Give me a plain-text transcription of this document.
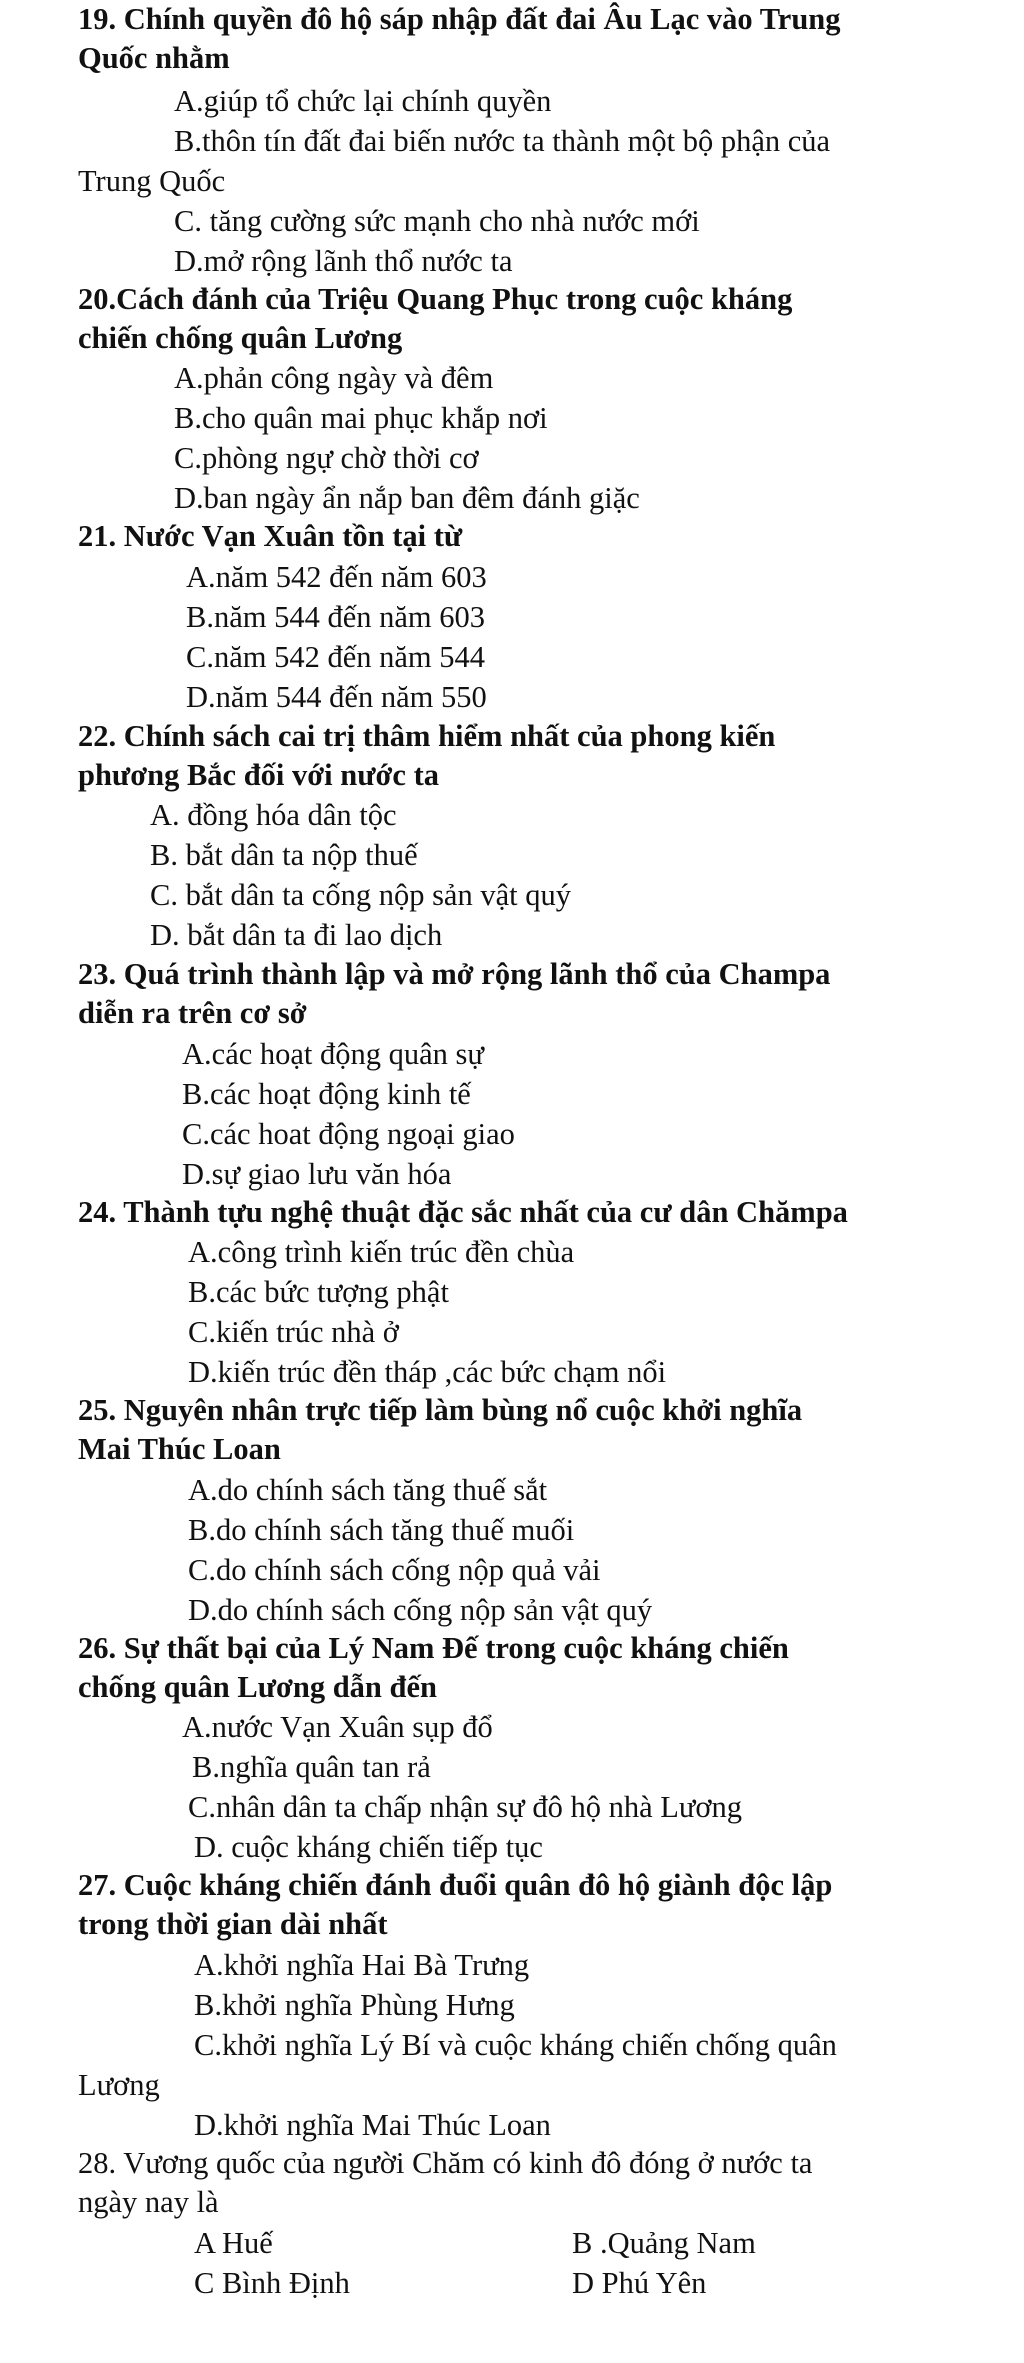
19. Chính quyền đô hộ sáp nhập đất đai Âu Lạc vào Trung
Quốc nhằm
A.giúp tổ chức lại chính quyền
B.thôn tín đất đai biến nước ta thành một bộ phận của
Trung Quốc
C. tăng cường sức mạnh cho nhà nước mới
D.mở rộng lãnh thổ nước ta
20.Cách đánh của Triệu Quang Phục trong cuộc kháng
chiến chống quân Lương
A.phản công ngày và đêm
B.cho quân mai phục khắp nơi
C.phòng ngự chờ thời cơ
D.ban ngày ẩn nắp ban đêm đánh giặc
21. Nước Vạn Xuân tồn tại từ
A.năm 542 đến năm 603
B.năm 544 đến năm 603
C.năm 542 đến năm 544
D.năm 544 đến năm 550
22. Chính sách cai trị thâm hiểm nhất của phong kiến
phương Bắc đối với nước ta
A. đồng hóa dân tộc
B. bắt dân ta nộp thuế
C. bắt dân ta cống nộp sản vật quý
D. bắt dân ta đi lao dịch
23. Quá trình thành lập và mở rộng lãnh thổ của Champa
diễn ra trên cơ sở
A.các hoạt động quân sự
B.các hoạt động kinh tế
C.các hoat động ngoại giao
D.sự giao lưu văn hóa
24. Thành tựu nghệ thuật đặc sắc nhất của cư dân Chămpa
A.công trình kiến trúc đền chùa
B.các bức tượng phật
C.kiến trúc nhà ở
D.kiến trúc đền tháp ,các bức chạm nổi
25. Nguyên nhân trực tiếp làm bùng nổ cuộc khởi nghĩa
Mai Thúc Loan
A.do chính sách tăng thuế sắt
B.do chính sách tăng thuế muối
C.do chính sách cống nộp quả vải
D.do chính sách cống nộp sản vật quý
26. Sự thất bại của Lý Nam Đế trong cuộc kháng chiến
chống quân Lương dẫn đến
A.nước Vạn Xuân sụp đổ
B.nghĩa quân tan rả
C.nhân dân ta chấp nhận sự đô hộ nhà Lương
D. cuộc kháng chiến tiếp tục
27. Cuộc kháng chiến đánh đuổi quân đô hộ giành độc lập
trong thời gian dài nhất
A.khởi nghĩa Hai Bà Trưng
B.khởi nghĩa Phùng Hưng
C.khởi nghĩa Lý Bí và cuộc kháng chiến chống quân
Lương
D.khởi nghĩa Mai Thúc Loan
28. Vương quốc của người Chăm có kinh đô đóng ở nước ta
ngày nay là
A Huế	B .Quảng Nam
C Bình Định	D Phú Yên
